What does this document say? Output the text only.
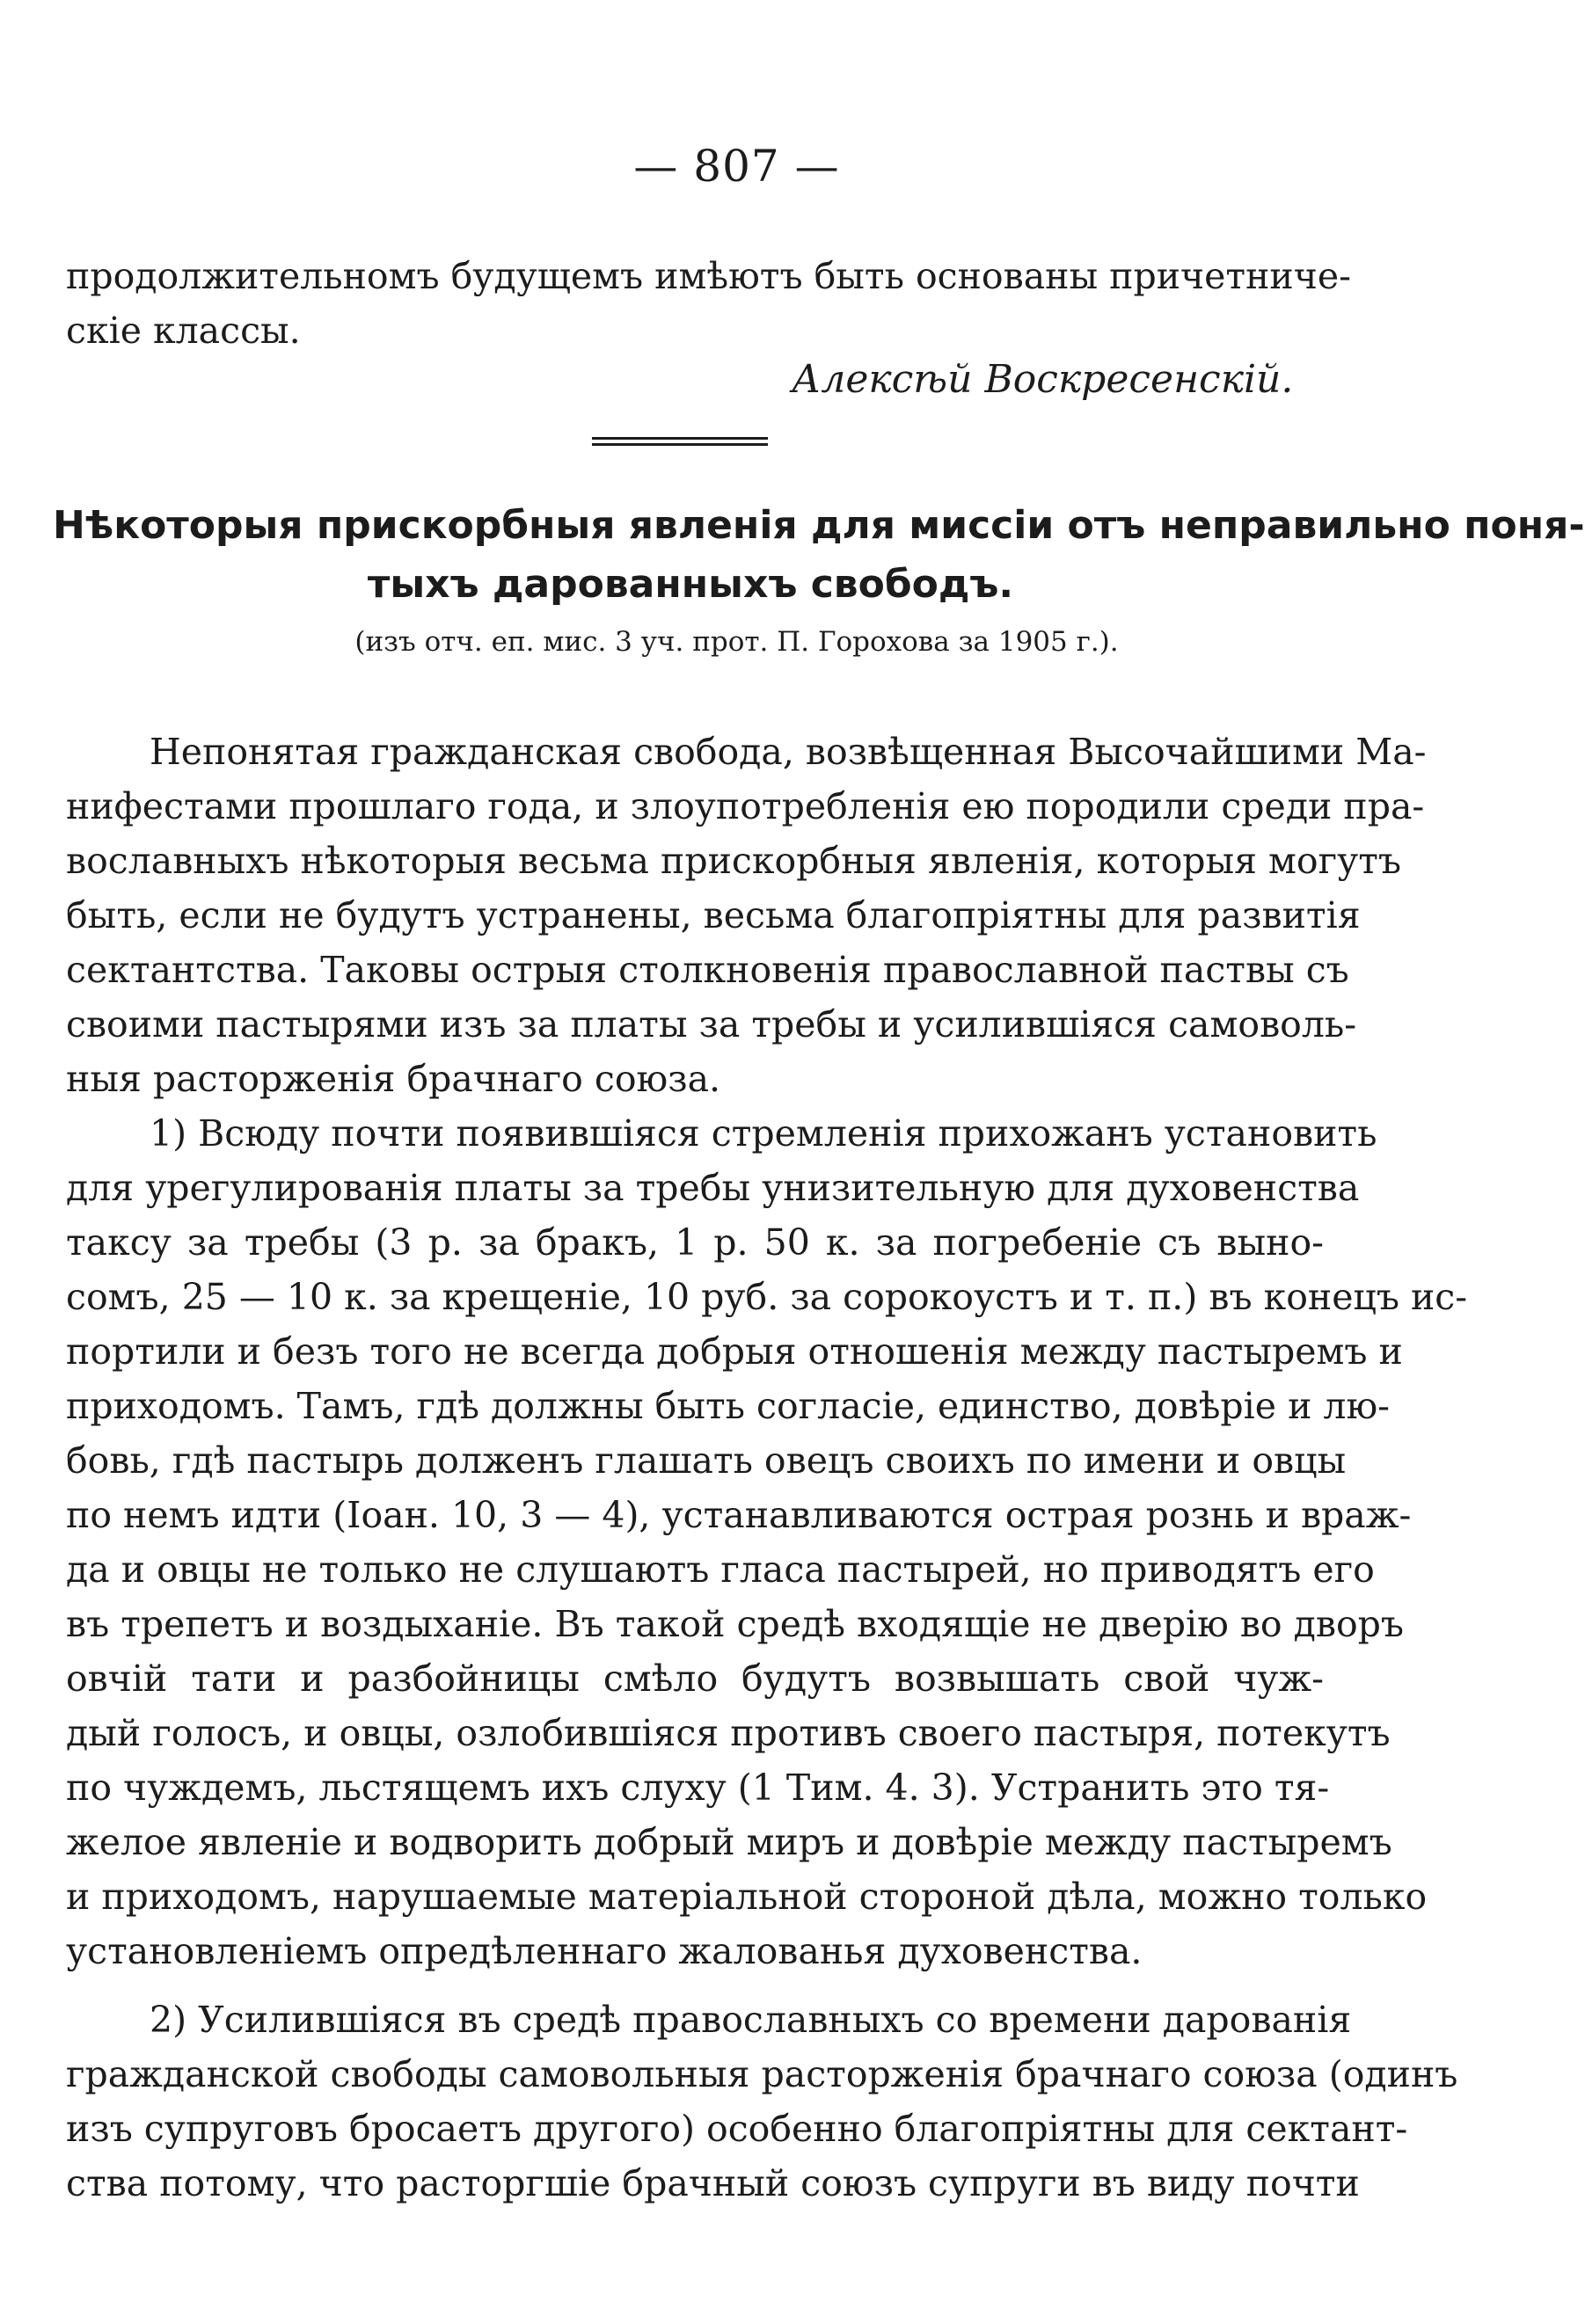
— 807 —
продолжительномъ будущемъ имѣютъ быть основаны причетниче-
скіе классы.
Алексѣй Воскресенскій.
Нѣкоторыя прискорбныя явленія для миссіи отъ неправильно поня-
тыхъ дарованныхъ свободъ.
(изъ отч. еп. мис. 3 уч. прот. П. Горохова за 1905 г.).
Непонятая гражданская свобода, возвѣщенная Высочайшими Ма-
нифестами прошлаго года, и злоупотребленія ею породили среди пра-
вославныхъ нѣкоторыя весьма прискорбныя явленія, которыя могутъ
быть, если не будутъ устранены, весьма благопріятны для развитія
сектантства. Таковы острыя столкновенія православной паствы съ
своими пастырями изъ за платы за требы и усилившіяся самоволь-
ныя расторженія брачнаго союза.
1) Всюду почти появившіяся стремленія прихожанъ установить
для урегулированія платы за требы унизительную для духовенства
таксу за требы (3 р. за бракъ, 1 р. 50 к. за погребеніе съ выно-
сомъ, 25 — 10 к. за крещеніе, 10 руб. за сорокоустъ и т. п.) въ конецъ ис-
портили и безъ того не всегда добрыя отношенія между пастыремъ и
приходомъ. Тамъ, гдѣ должны быть согласіе, единство, довѣріе и лю-
бовь, гдѣ пастырь долженъ глашать овецъ своихъ по имени и овцы
по немъ идти (Іоан. 10, 3 — 4), устанавливаются острая рознь и враж-
да и овцы не только не слушаютъ гласа пастырей, но приводятъ его
въ трепетъ и воздыханіе. Въ такой средѣ входящіе не дверію во дворъ
овчій тати и разбойницы смѣло будутъ возвышать свой чуж-
дый голосъ, и овцы, озлобившіяся противъ своего пастыря, потекутъ
по чуждемъ, льстящемъ ихъ слуху (1 Тим. 4. 3). Устранить это тя-
желое явленіе и водворить добрый миръ и довѣріе между пастыремъ
и приходомъ, нарушаемые матеріальной стороной дѣла, можно только
установленіемъ опредѣленнаго жалованья духовенства.
2) Усилившіяся въ средѣ православныхъ со времени дарованія
гражданской свободы самовольныя расторженія брачнаго союза (одинъ
изъ супруговъ бросаетъ другого) особенно благопріятны для сектант-
ства потому, что расторгшіе брачный союзъ супруги въ виду почти
